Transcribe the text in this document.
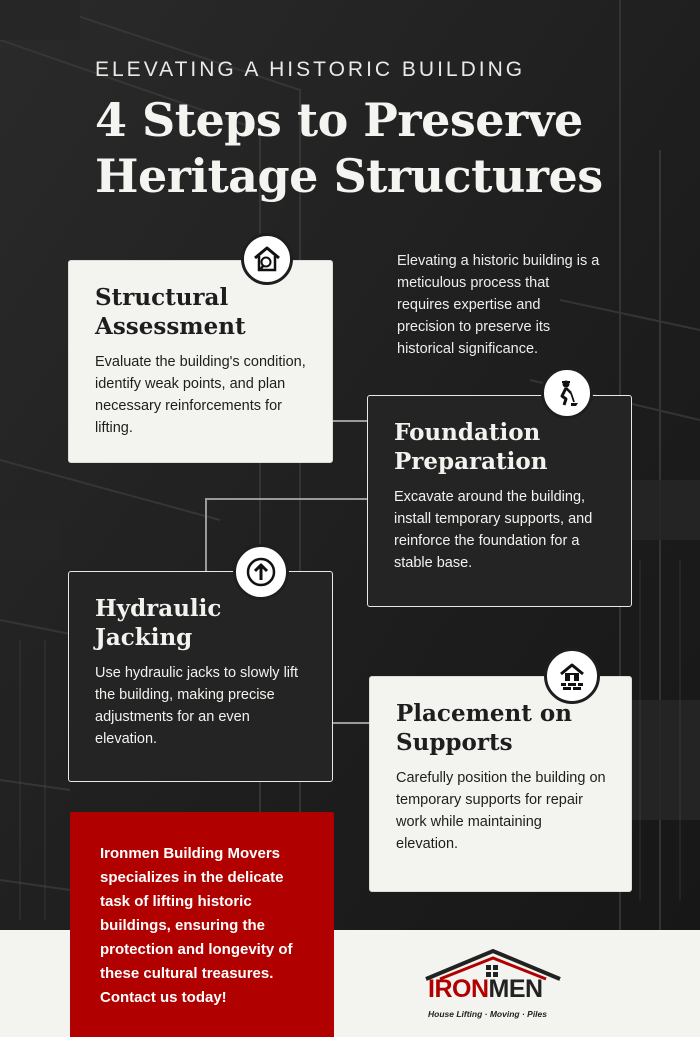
ELEVATING A HISTORIC BUILDING
4 Steps to Preserve Heritage Structures
Elevating a historic building is a meticulous process that requires expertise and precision to preserve its historical significance.
Structural Assessment

Evaluate the building's condition, identify weak points, and plan necessary reinforcements for lifting.	Foundation Preparation

Excavate around the building, install temporary supports, and reinforce the foundation for a stable base.

Hydraulic Jacking

Use hydraulic jacks to slowly lift the building, making precise adjustments for an even elevation.

Placement on Supports

Carefully position the building on temporary supports for repair work while maintaining elevation.

Ironmen Building Movers specializes in the delicate task of lifting historic buildings, ensuring the protection and longevity of these cultural treasures. Contact us today!	IRONMEN
House Lifting · Moving · Piles
